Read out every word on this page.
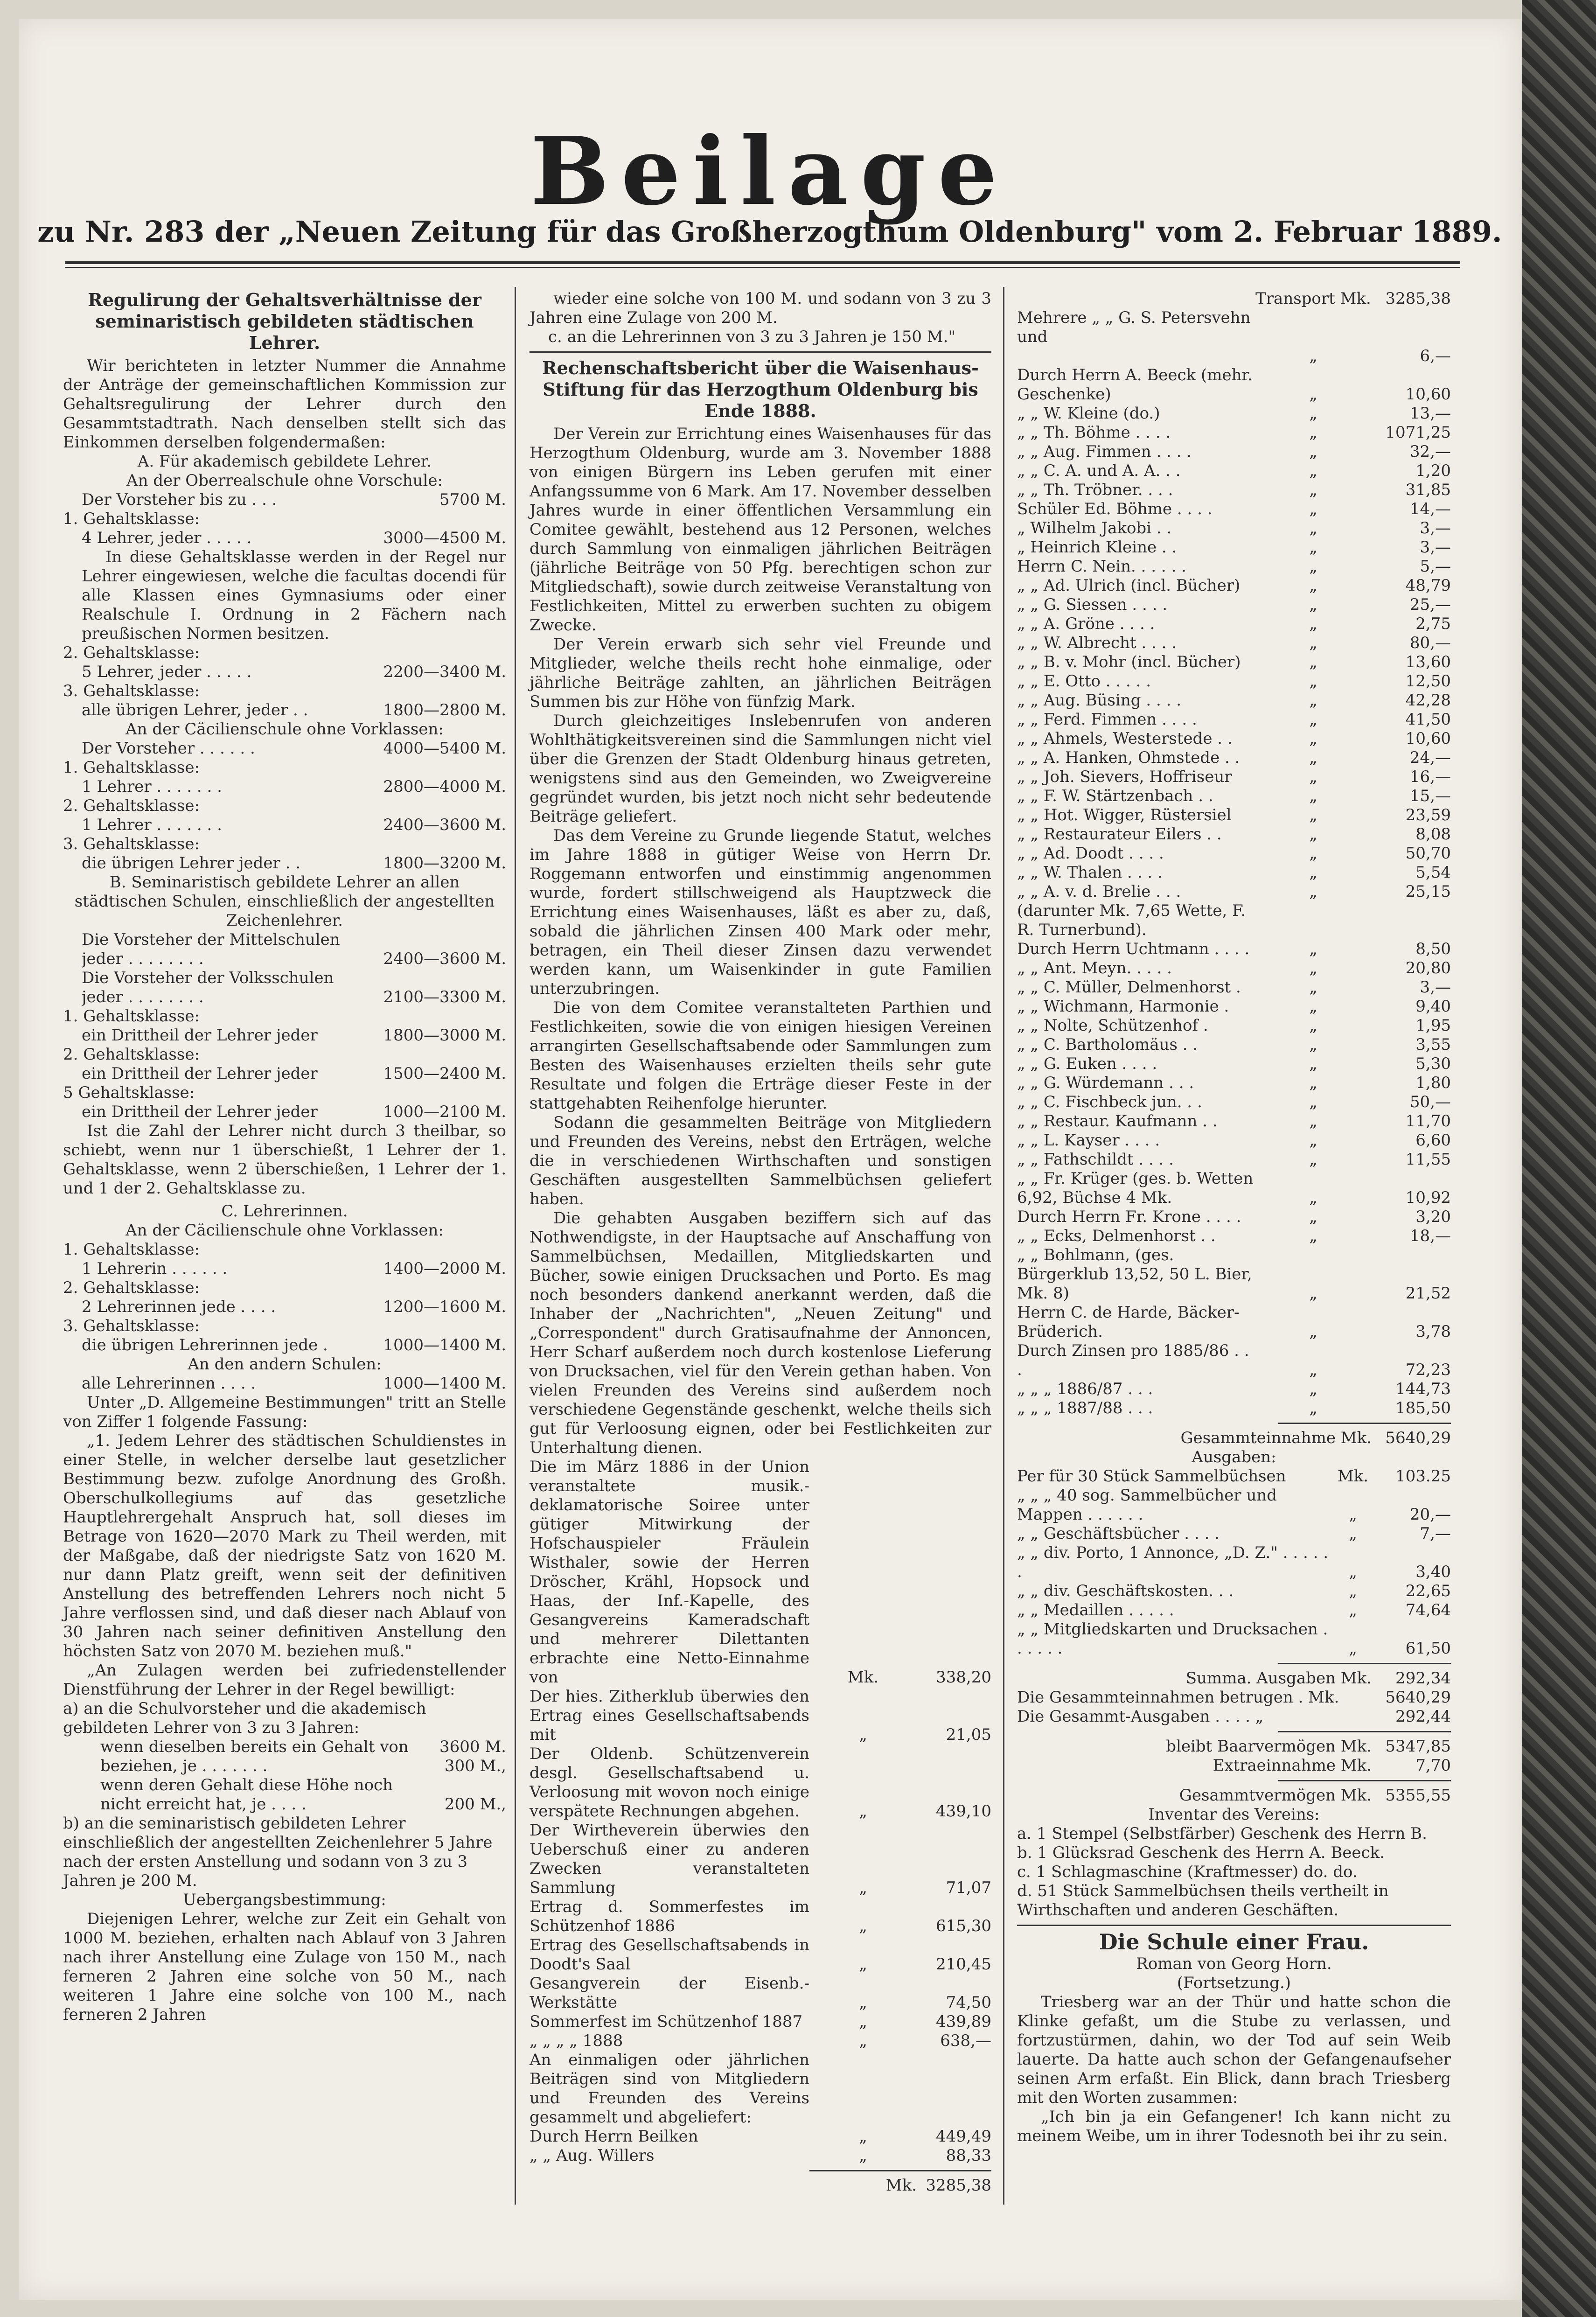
Beilage
zu Nr. 283 der „Neuen Zeitung für das Großherzogthum Oldenburg" vom 2. Februar 1889.

Regulirung der Gehaltsverhältnisse der seminaristisch gebildeten städtischen Lehrer.

Wir berichteten in letzter Nummer die Annahme der Anträge der gemeinschaftlichen Kommission zur Gehaltsregulirung der Lehrer durch den Gesammtstadtrath. Nach denselben stellt sich das Einkommen derselben folgendermaßen:

A. Für akademisch gebildete Lehrer.

An der Oberrealschule ohne Vorschule:

Der Vorsteher bis zu . . .	5700 M.

1. Gehaltsklasse:

4 Lehrer, jeder . . . . .	3000—4500 M.

In diese Gehaltsklasse werden in der Regel nur Lehrer eingewiesen, welche die facultas docendi für alle Klassen eines Gymnasiums oder einer Realschule I. Ordnung in 2 Fächern nach preußischen Normen besitzen.

2. Gehaltsklasse:

5 Lehrer, jeder . . . . .	2200—3400 M.

3. Gehaltsklasse:

alle übrigen Lehrer, jeder . .	1800—2800 M.

An der Cäcilienschule ohne Vorklassen:

Der Vorsteher . . . . . .	4000—5400 M.

1. Gehaltsklasse:

1 Lehrer . . . . . . .	2800—4000 M.

2. Gehaltsklasse:

1 Lehrer . . . . . . .	2400—3600 M.

3. Gehaltsklasse:

die übrigen Lehrer jeder . .	1800—3200 M.

B. Seminaristisch gebildete Lehrer an allen städtischen Schulen, einschließlich der angestellten Zeichenlehrer.

Die Vorsteher der Mittelschulen

jeder . . . . . . . .	2400—3600 M.

Die Vorsteher der Volksschulen

jeder . . . . . . . .	2100—3300 M.

1. Gehaltsklasse:

ein Drittheil der Lehrer jeder	1800—3000 M.

2. Gehaltsklasse:

ein Drittheil der Lehrer jeder	1500—2400 M.

5 Gehaltsklasse:

ein Drittheil der Lehrer jeder	1000—2100 M.

Ist die Zahl der Lehrer nicht durch 3 theilbar, so schiebt, wenn nur 1 überschießt, 1 Lehrer der 1. Gehaltsklasse, wenn 2 überschießen, 1 Lehrer der 1. und 1 der 2. Gehaltsklasse zu.

C. Lehrerinnen.

An der Cäcilienschule ohne Vorklassen:

1. Gehaltsklasse:

1 Lehrerin . . . . . .	1400—2000 M.

2. Gehaltsklasse:

2 Lehrerinnen jede . . . .	1200—1600 M.

3. Gehaltsklasse:

die übrigen Lehrerinnen jede .	1000—1400 M.

An den andern Schulen:

alle Lehrerinnen . . . .	1000—1400 M.

Unter „D. Allgemeine Bestimmungen" tritt an Stelle von Ziffer 1 folgende Fassung:

„1. Jedem Lehrer des städtischen Schuldienstes in einer Stelle, in welcher derselbe laut gesetzlicher Bestimmung bezw. zufolge Anordnung des Großh. Oberschulkollegiums auf das gesetzliche Hauptlehrergehalt Anspruch hat, soll dieses im Betrage von 1620—2070 Mark zu Theil werden, mit der Maßgabe, daß der niedrigste Satz von 1620 M. nur dann Platz greift, wenn seit der definitiven Anstellung des betreffenden Lehrers noch nicht 5 Jahre verflossen sind, und daß dieser nach Ablauf von 30 Jahren nach seiner definitiven Anstellung den höchsten Satz von 2070 M. beziehen muß."

„An Zulagen werden bei zufriedenstellender Dienstführung der Lehrer in der Regel bewilligt:

a) an die Schulvorsteher und die akademisch gebildeten Lehrer von 3 zu 3 Jahren:

wenn dieselben bereits ein Gehalt von 3600 M.
beziehen, je . . . . . . .	300 M.,

wenn deren Gehalt diese Höhe noch

nicht erreicht hat, je . . . .	200 M.,

b) an die seminaristisch gebildeten Lehrer einschließlich der angestellten Zeichenlehrer 5 Jahre nach der ersten Anstellung und sodann von 3 zu 3 Jahren je 200 M.

Uebergangsbestimmung:

Diejenigen Lehrer, welche zur Zeit ein Gehalt von 1000 M. beziehen, erhalten nach Ablauf von 3 Jahren nach ihrer Anstellung eine Zulage von 150 M., nach ferneren 2 Jahren eine solche von 50 M., nach weiteren 1 Jahre eine solche von 100 M., nach ferneren 2 Jahren

wieder eine solche von 100 M. und sodann von 3 zu 3 Jahren eine Zulage von 200 M.

c. an die Lehrerinnen von 3 zu 3 Jahren je 150 M."

Rechenschaftsbericht über die Waisenhaus-Stiftung für das Herzogthum Oldenburg bis Ende 1888.

Der Verein zur Errichtung eines Waisenhauses für das Herzogthum Oldenburg, wurde am 3. November 1888 von einigen Bürgern ins Leben gerufen mit einer Anfangssumme von 6 Mark. Am 17. November desselben Jahres wurde in einer öffentlichen Versammlung ein Comitee gewählt, bestehend aus 12 Personen, welches durch Sammlung von einmaligen jährlichen Beiträgen (jährliche Beiträge von 50 Pfg. berechtigen schon zur Mitgliedschaft), sowie durch zeitweise Veranstaltung von Festlichkeiten, Mittel zu erwerben suchten zu obigem Zwecke.

Der Verein erwarb sich sehr viel Freunde und Mitglieder, welche theils recht hohe einmalige, oder jährliche Beiträge zahlten, an jährlichen Beiträgen Summen bis zur Höhe von fünfzig Mark.

Durch gleichzeitiges Inslebenrufen von anderen Wohlthätigkeitsvereinen sind die Sammlungen nicht viel über die Grenzen der Stadt Oldenburg hinaus getreten, wenigstens sind aus den Gemeinden, wo Zweigvereine gegründet wurden, bis jetzt noch nicht sehr bedeutende Beiträge geliefert.

Das dem Vereine zu Grunde liegende Statut, welches im Jahre 1888 in gütiger Weise von Herrn Dr. Roggemann entworfen und einstimmig angenommen wurde, fordert stillschweigend als Hauptzweck die Errichtung eines Waisenhauses, läßt es aber zu, daß, sobald die jährlichen Zinsen 400 Mark oder mehr, betragen, ein Theil dieser Zinsen dazu verwendet werden kann, um Waisenkinder in gute Familien unterzubringen.

Die von dem Comitee veranstalteten Parthien und Festlichkeiten, sowie die von einigen hiesigen Vereinen arrangirten Gesellschaftsabende oder Sammlungen zum Besten des Waisenhauses erzielten theils sehr gute Resultate und folgen die Erträge dieser Feste in der stattgehabten Reihenfolge hierunter.

Sodann die gesammelten Beiträge von Mitgliedern und Freunden des Vereins, nebst den Erträgen, welche die in verschiedenen Wirthschaften und sonstigen Geschäften ausgestellten Sammelbüchsen geliefert haben.

Die gehabten Ausgaben beziffern sich auf das Nothwendigste, in der Hauptsache auf Anschaffung von Sammelbüchsen, Medaillen, Mitgliedskarten und Bücher, sowie einigen Drucksachen und Porto. Es mag noch besonders dankend anerkannt werden, daß die Inhaber der „Nachrichten", „Neuen Zeitung" und „Correspondent" durch Gratisaufnahme der Annoncen, Herr Scharf außerdem noch durch kostenlose Lieferung von Drucksachen, viel für den Verein gethan haben. Von vielen Freunden des Vereins sind außerdem noch verschiedene Gegenstände geschenkt, welche theils sich gut für Verloosung eignen, oder bei Festlichkeiten zur Unterhaltung dienen.

Die im März 1886 in der Union veranstaltete musik.-deklamatorische Soiree unter gütiger Mitwirkung der Hofschauspieler Fräulein Wisthaler, sowie der Herren Dröscher, Krähl, Hopsock und Haas, der Inf.-Kapelle, des Gesangvereins Kameradschaft und mehrerer Dilettanten erbrachte eine Netto-Einnahme von	Mk.	338,20
Der hies. Zitherklub überwies den Ertrag eines Gesellschaftsabends mit	„	21,05
Der Oldenb. Schützenverein desgl. Gesellschaftsabend u. Verloosung mit wovon noch einige verspätete Rechnungen abgehen.	„	439,10
Der Wirtheverein überwies den Ueberschuß einer zu anderen Zwecken veranstalteten Sammlung	„	71,07
Ertrag d. Sommerfestes im Schützenhof 1886	„	615,30
Ertrag des Gesellschaftsabends in Doodt's Saal	„	210,45
Gesangverein der Eisenb.-Werkstätte	„	74,50
Sommerfest im Schützenhof 1887	„	439,89
„ „ „ „ 1888	„	638,—
An einmaligen oder jährlichen Beiträgen sind von Mitgliedern und Freunden des Vereins gesammelt und abgeliefert:
Durch Herrn Beilken	„	449,49
„ „ Aug. Willers	„	88,33
Mk. 3285,38
Transport Mk. 3285,38
Mehrere „ „ G. S. Petersvehn und
„	6,—
Durch Herrn A. Beeck (mehr. Geschenke)	„	10,60
„ „ W. Kleine (do.)	„	13,—
„ „ Th. Böhme . . . .	„	1071,25
„ „ Aug. Fimmen . . . .	„	32,—
„ „ C. A. und A. A. . .	„	1,20
„ „ Th. Tröbner. . . .	„	31,85
Schüler Ed. Böhme . . . .	„	14,—
„ Wilhelm Jakobi . .	„	3,—
„ Heinrich Kleine . .	„	3,—
Herrn C. Nein. . . . . .	„	5,—
„ „ Ad. Ulrich (incl. Bücher)	„	48,79
„ „ G. Siessen . . . .	„	25,—
„ „ A. Gröne . . . .	„	2,75
„ „ W. Albrecht . . . .	„	80,—
„ „ B. v. Mohr (incl. Bücher)	„	13,60
„ „ E. Otto . . . . .	„	12,50
„ „ Aug. Büsing . . . .	„	42,28
„ „ Ferd. Fimmen . . . .	„	41,50
„ „ Ahmels, Westerstede . .	„	10,60
„ „ A. Hanken, Ohmstede . .	„	24,—
„ „ Joh. Sievers, Hoffriseur	„	16,—
„ „ F. W. Stärtzenbach . .	„	15,—
„ „ Hot. Wigger, Rüstersiel	„	23,59
„ „ Restaurateur Eilers . .	„	8,08
„ „ Ad. Doodt . . . .	„	50,70
„ „ W. Thalen . . . .	„	5,54
„ „ A. v. d. Brelie . . .	„	25,15
(darunter Mk. 7,65 Wette, F. R. Turnerbund).
Durch Herrn Uchtmann . . . .	„	8,50
„ „ Ant. Meyn. . . . .	„	20,80
„ „ C. Müller, Delmenhorst .	„	3,—
„ „ Wichmann, Harmonie .	„	9,40
„ „ Nolte, Schützenhof .	„	1,95
„ „ C. Bartholomäus . .	„	3,55
„ „ G. Euken . . . .	„	5,30
„ „ G. Würdemann . . .	„	1,80
„ „ C. Fischbeck jun. . .	„	50,—
„ „ Restaur. Kaufmann . .	„	11,70
„ „ L. Kayser . . . .	„	6,60
„ „ Fathschildt . . . .	„	11,55
„ „ Fr. Krüger (ges. b. Wetten 6,92, Büchse 4 Mk.	„	10,92
Durch Herrn Fr. Krone . . . .	„	3,20
„ „ Ecks, Delmenhorst . .	„	18,—
„ „ Bohlmann, (ges. Bürgerklub 13,52, 50 L. Bier, Mk. 8)	„	21,52
Herrn C. de Harde, Bäcker-Brüderich.	„	3,78
Durch Zinsen pro 1885/86 . . .	„	72,23
„ „ „ 1886/87 . . .	„	144,73
„ „ „ 1887/88 . . .	„	185,50
Gesammteinnahme Mk. 5640,29

Ausgaben:

Per für 30 Stück Sammelbüchsen	Mk.	103.25
„ „ „ 40 sog. Sammelbücher und Mappen . . . . . .	„	20,—
„ „ Geschäftsbücher . . . .	„	7,—
„ „ div. Porto, 1 Annonce, „D. Z." . . . . . .	„	3,40
„ „ div. Geschäftskosten. . .	„	22,65
„ „ Medaillen . . . . .	„	74,64
„ „ Mitgliedskarten und Drucksachen . . . . . .	„	61,50
Summa. Ausgaben Mk.	292,34
Die Gesammteinnahmen betrugen . Mk.	5640,29
Die Gesammt-Ausgaben . . . . „	292,44
bleibt Baarvermögen Mk. 5347,85
Extraeinnahme Mk.	7,70
Gesammtvermögen Mk. 5355,55

Inventar des Vereins:

a. 1 Stempel (Selbstfärber) Geschenk des Herrn B.

b. 1 Glücksrad Geschenk des Herrn A. Beeck.

c. 1 Schlagmaschine (Kraftmesser) do. do.

d. 51 Stück Sammelbüchsen theils vertheilt in Wirthschaften und anderen Geschäften.

Die Schule einer Frau.

Roman von Georg Horn.

(Fortsetzung.)

Triesberg war an der Thür und hatte schon die Klinke gefaßt, um die Stube zu verlassen, und fortzustürmen, dahin, wo der Tod auf sein Weib lauerte. Da hatte auch schon der Gefangenaufseher seinen Arm erfaßt. Ein Blick, dann brach Triesberg mit den Worten zusammen:

„Ich bin ja ein Gefangener! Ich kann nicht zu meinem Weibe, um in ihrer Todesnoth bei ihr zu sein.
